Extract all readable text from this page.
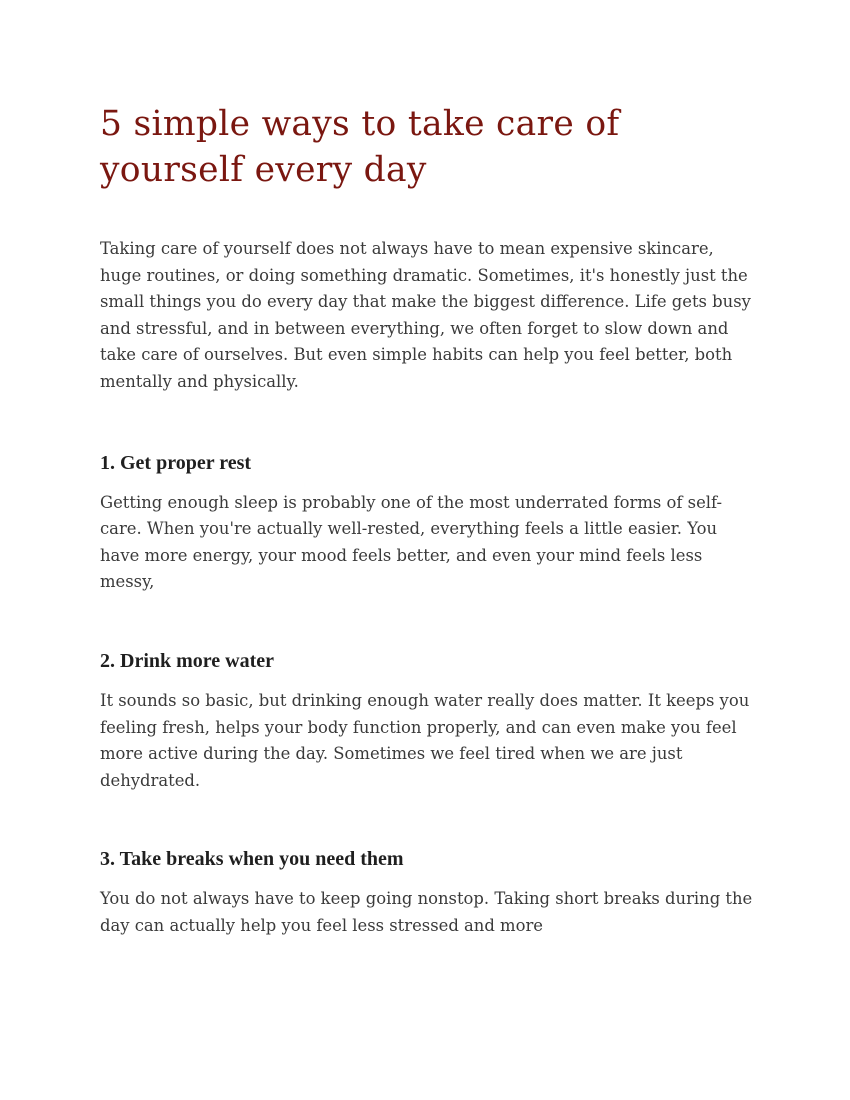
5 simple ways to take care of yourself every day

Taking care of yourself does not always have to mean expensive skincare, huge routines, or doing something dramatic. Sometimes, it's honestly just the small things you do every day that make the biggest difference. Life gets busy and stressful, and in between everything, we often forget to slow down and take care of ourselves. But even simple habits can help you feel better, both mentally and physically.

1. Get proper rest

Getting enough sleep is probably one of the most underrated forms of self-care. When you're actually well-rested, everything feels a little easier. You have more energy, your mood feels better, and even your mind feels less messy,

2. Drink more water

It sounds so basic, but drinking enough water really does matter. It keeps you feeling fresh, helps your body function properly, and can even make you feel more active during the day. Sometimes we feel tired when we are just dehydrated.

3. Take breaks when you need them

You do not always have to keep going nonstop. Taking short breaks during the day can actually help you feel less stressed and more
